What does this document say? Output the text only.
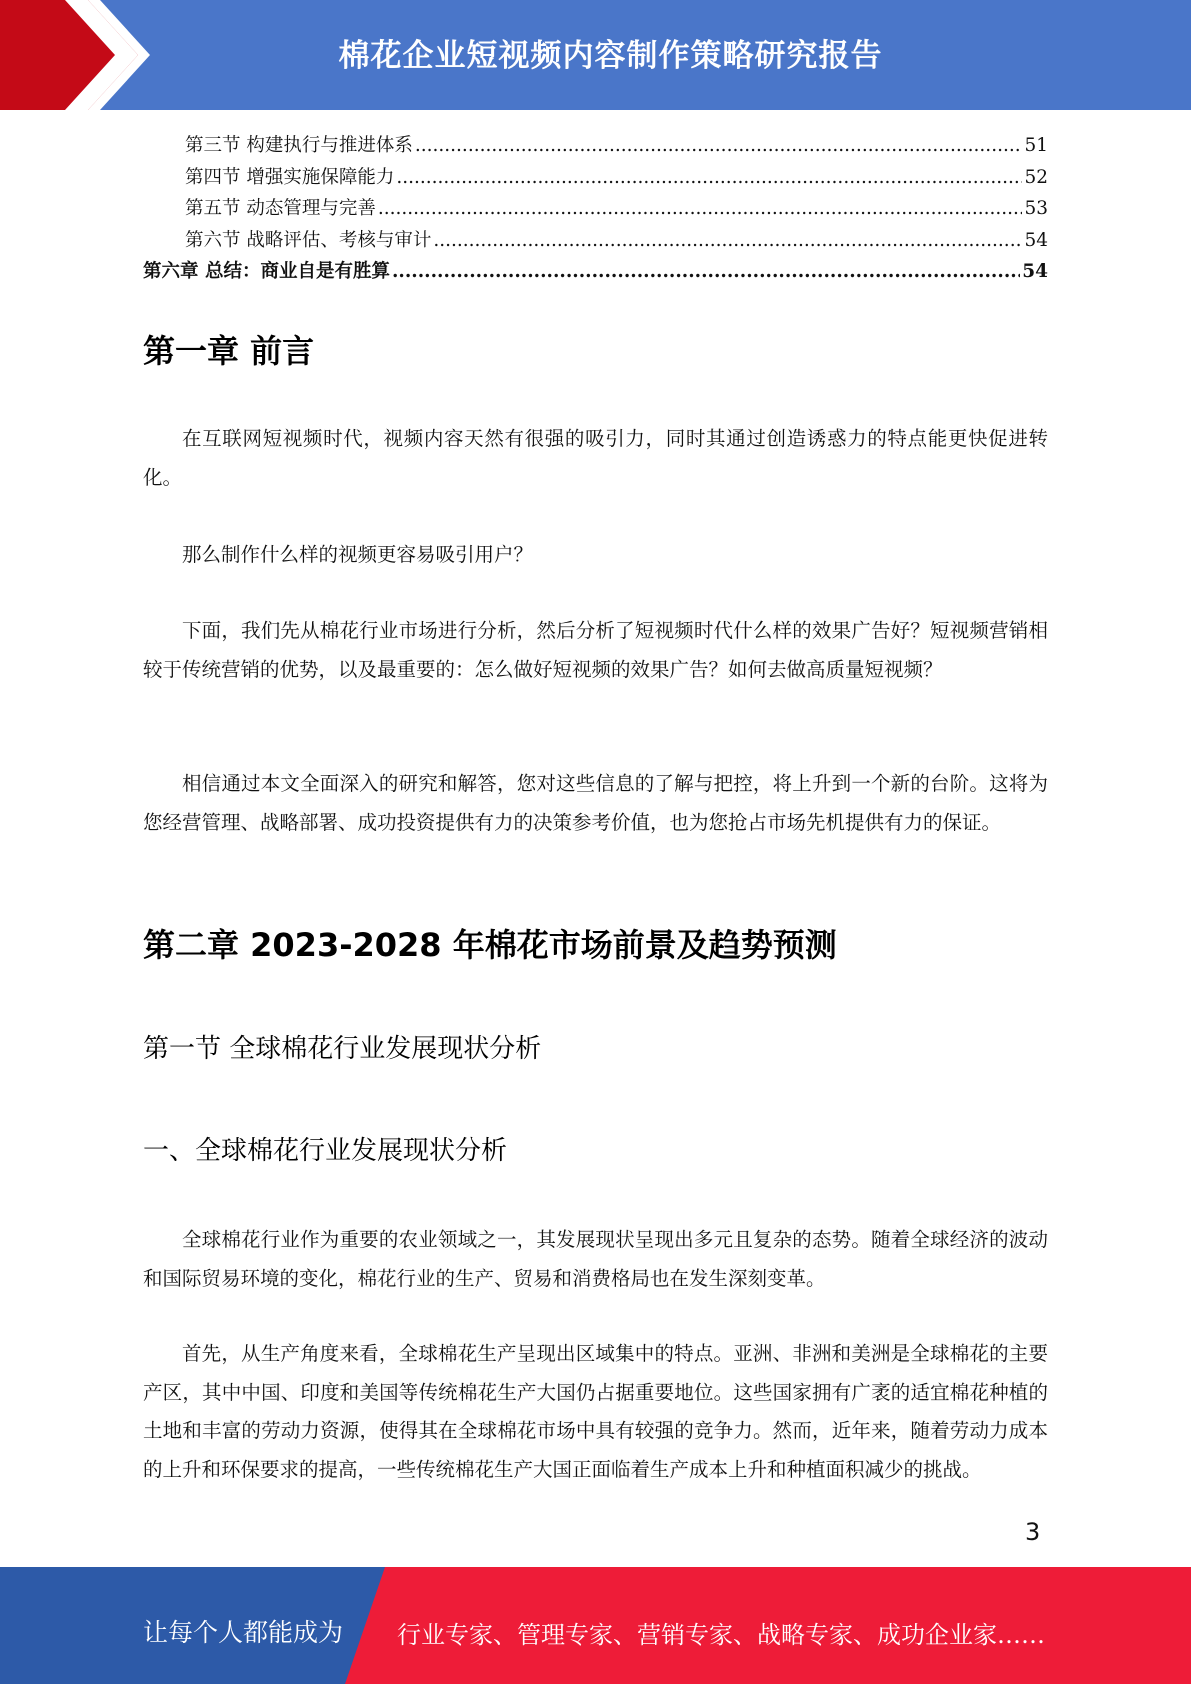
棉花企业短视频内容制作策略研究报告
第三节 构建执行与推进体系 .....	51
第四节 增强实施保障能力 .....	52
第五节 动态管理与完善 .....	53
第六节 战略评估、考核与审计 .....	54
第六章 总结：商业自是有胜算 .....	54
第一章 前言

在互联网短视频时代，视频内容天然有很强的吸引力，同时其通过创造诱惑力的特点能更快促进转化。

那么制作什么样的视频更容易吸引用户？

下面，我们先从棉花行业市场进行分析，然后分析了短视频时代什么样的效果广告好？短视频营销相较于传统营销的优势，以及最重要的：怎么做好短视频的效果广告？如何去做高质量短视频？

相信通过本文全面深入的研究和解答，您对这些信息的了解与把控，将上升到一个新的台阶。这将为您经营管理、战略部署、成功投资提供有力的决策参考价值，也为您抢占市场先机提供有力的保证。

第二章 2023-2028 年棉花市场前景及趋势预测
第一节 全球棉花行业发展现状分析
一、全球棉花行业发展现状分析

全球棉花行业作为重要的农业领域之一，其发展现状呈现出多元且复杂的态势。随着全球经济的波动和国际贸易环境的变化，棉花行业的生产、贸易和消费格局也在发生深刻变革。

首先，从生产角度来看，全球棉花生产呈现出区域集中的特点。亚洲、非洲和美洲是全球棉花的主要产区，其中中国、印度和美国等传统棉花生产大国仍占据重要地位。这些国家拥有广袤的适宜棉花种植的土地和丰富的劳动力资源，使得其在全球棉花市场中具有较强的竞争力。然而，近年来，随着劳动力成本的上升和环保要求的提高，一些传统棉花生产大国正面临着生产成本上升和种植面积减少的挑战。

3
让每个人都能成为 行业专家、管理专家、营销专家、战略专家、成功企业家……
